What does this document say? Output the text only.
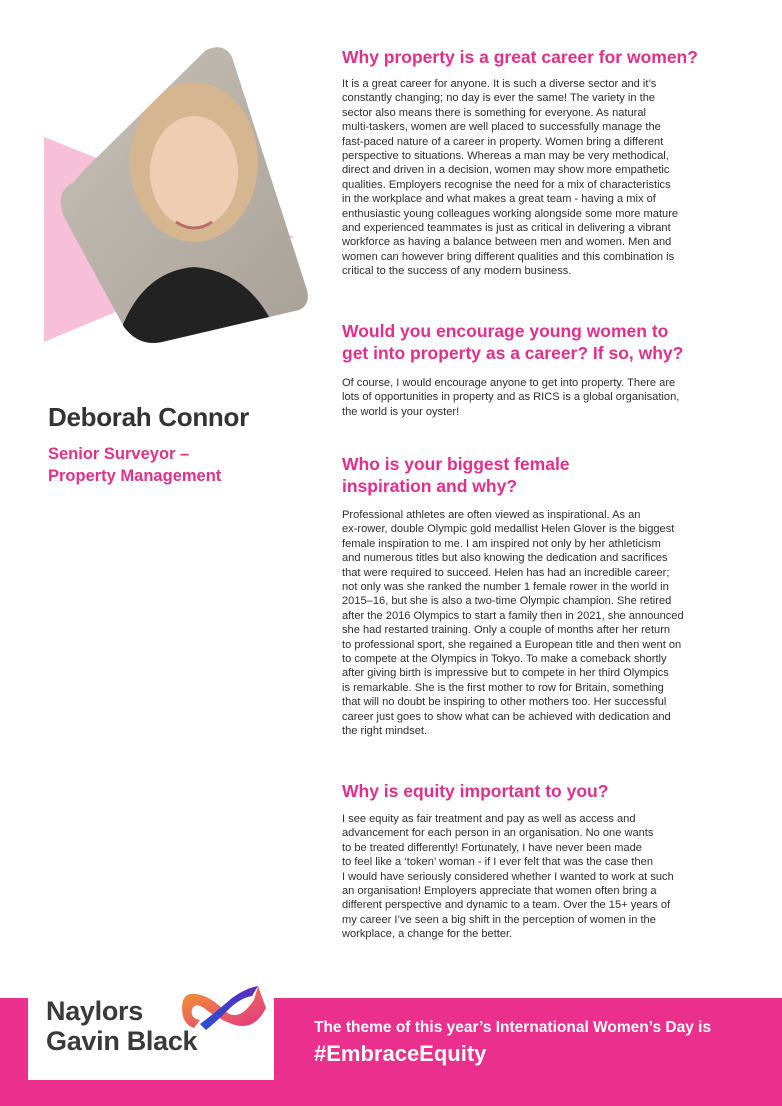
Deborah Connor
Senior Surveyor –
Property Management
Why property is a great career for women?
It is a great career for anyone. It is such a diverse sector and it’s
constantly changing; no day is ever the same! The variety in the
sector also means there is something for everyone. As natural
multi-taskers, women are well placed to successfully manage the
fast-paced nature of a career in property. Women bring a different
perspective to situations. Whereas a man may be very methodical,
direct and driven in a decision, women may show more empathetic
qualities. Employers recognise the need for a mix of characteristics
in the workplace and what makes a great team - having a mix of
enthusiastic young colleagues working alongside some more mature
and experienced teammates is just as critical in delivering a vibrant
workforce as having a balance between men and women. Men and
women can however bring different qualities and this combination is
critical to the success of any modern business.
Would you encourage young women to
get into property as a career? If so, why?
Of course, I would encourage anyone to get into property. There are
lots of opportunities in property and as RICS is a global organisation,
the world is your oyster!
Who is your biggest female
inspiration and why?
Professional athletes are often viewed as inspirational. As an
ex-rower, double Olympic gold medallist Helen Glover is the biggest
female inspiration to me. I am inspired not only by her athleticism
and numerous titles but also knowing the dedication and sacrifices
that were required to succeed. Helen has had an incredible career;
not only was she ranked the number 1 female rower in the world in
2015–16, but she is also a two-time Olympic champion. She retired
after the 2016 Olympics to start a family then in 2021, she announced
she had restarted training. Only a couple of months after her return
to professional sport, she regained a European title and then went on
to compete at the Olympics in Tokyo. To make a comeback shortly
after giving birth is impressive but to compete in her third Olympics
is remarkable. She is the first mother to row for Britain, something
that will no doubt be inspiring to other mothers too. Her successful
career just goes to show what can be achieved with dedication and
the right mindset.
Why is equity important to you?
I see equity as fair treatment and pay as well as access and
advancement for each person in an organisation. No one wants
to be treated differently! Fortunately, I have never been made
to feel like a ‘token’ woman - if I ever felt that was the case then
I would have seriously considered whether I wanted to work at such
an organisation! Employers appreciate that women often bring a
different perspective and dynamic to a team. Over the 15+ years of
my career I’ve seen a big shift in the perception of women in the
workplace, a change for the better.
Naylors
Gavin Black	The theme of this year’s International Women’s Day is
#EmbraceEquity
